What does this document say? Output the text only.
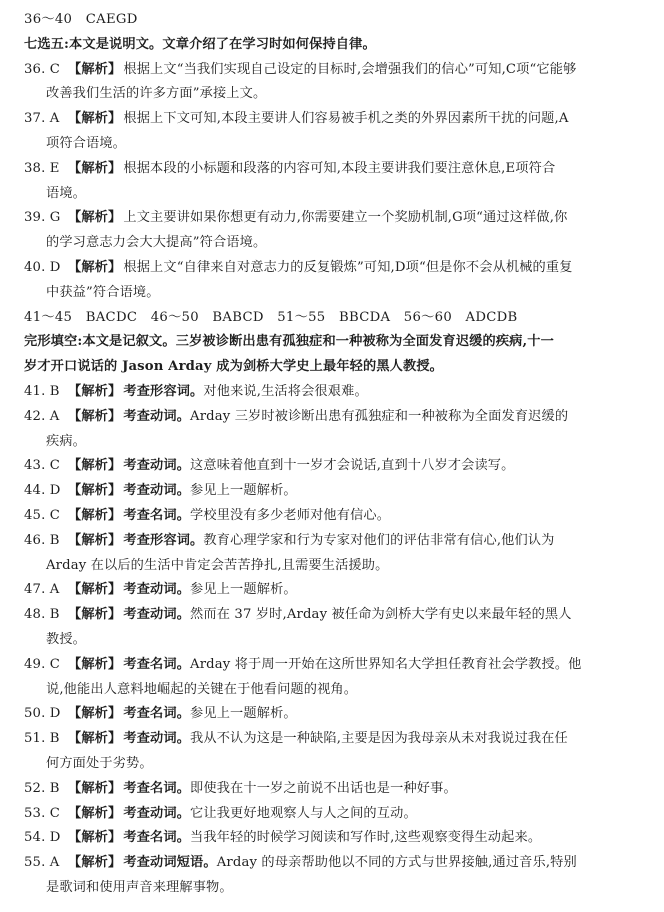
36～40　CAEGD
七选五:本文是说明文。文章介绍了在学习时如何保持自律。
36. C 【解析】 根据上文“当我们实现自己设定的目标时,会增强我们的信心”可知,C项“它能够
改善我们生活的许多方面”承接上文。
37. A 【解析】 根据上下文可知,本段主要讲人们容易被手机之类的外界因素所干扰的问题,A
项符合语境。
38. E 【解析】 根据本段的小标题和段落的内容可知,本段主要讲我们要注意休息,E项符合
语境。
39. G 【解析】 上文主要讲如果你想更有动力,你需要建立一个奖励机制,G项“通过这样做,你
的学习意志力会大大提高”符合语境。
40. D 【解析】 根据上文“自律来自对意志力的反复锻炼”可知,D项“但是你不会从机械的重复
中获益”符合语境。
41～45　BACDC　46～50　BABCD　51～55　BBCDA　56～60　ADCDB
完形填空:本文是记叙文。三岁被诊断出患有孤独症和一种被称为全面发育迟缓的疾病,十一
岁才开口说话的 Jason Arday 成为剑桥大学史上最年轻的黑人教授。
41. B 【解析】 考查形容词。对他来说,生活将会很艰难。
42. A 【解析】 考查动词。Arday 三岁时被诊断出患有孤独症和一种被称为全面发育迟缓的
疾病。
43. C 【解析】 考查动词。这意味着他直到十一岁才会说话,直到十八岁才会读写。
44. D 【解析】 考查动词。参见上一题解析。
45. C 【解析】 考查名词。学校里没有多少老师对他有信心。
46. B 【解析】 考查形容词。教育心理学家和行为专家对他们的评估非常有信心,他们认为
Arday 在以后的生活中肯定会苦苦挣扎,且需要生活援助。
47. A 【解析】 考查动词。参见上一题解析。
48. B 【解析】 考查动词。然而在 37 岁时,Arday 被任命为剑桥大学有史以来最年轻的黑人
教授。
49. C 【解析】 考查名词。Arday 将于周一开始在这所世界知名大学担任教育社会学教授。他
说,他能出人意料地崛起的关键在于他看问题的视角。
50. D 【解析】 考查名词。参见上一题解析。
51. B 【解析】 考查动词。我从不认为这是一种缺陷,主要是因为我母亲从未对我说过我在任
何方面处于劣势。
52. B 【解析】 考查名词。即使我在十一岁之前说不出话也是一种好事。
53. C 【解析】 考查动词。它让我更好地观察人与人之间的互动。
54. D 【解析】 考查名词。当我年轻的时候学习阅读和写作时,这些观察变得生动起来。
55. A 【解析】 考查动词短语。Arday 的母亲帮助他以不同的方式与世界接触,通过音乐,特别
是歌词和使用声音来理解事物。
